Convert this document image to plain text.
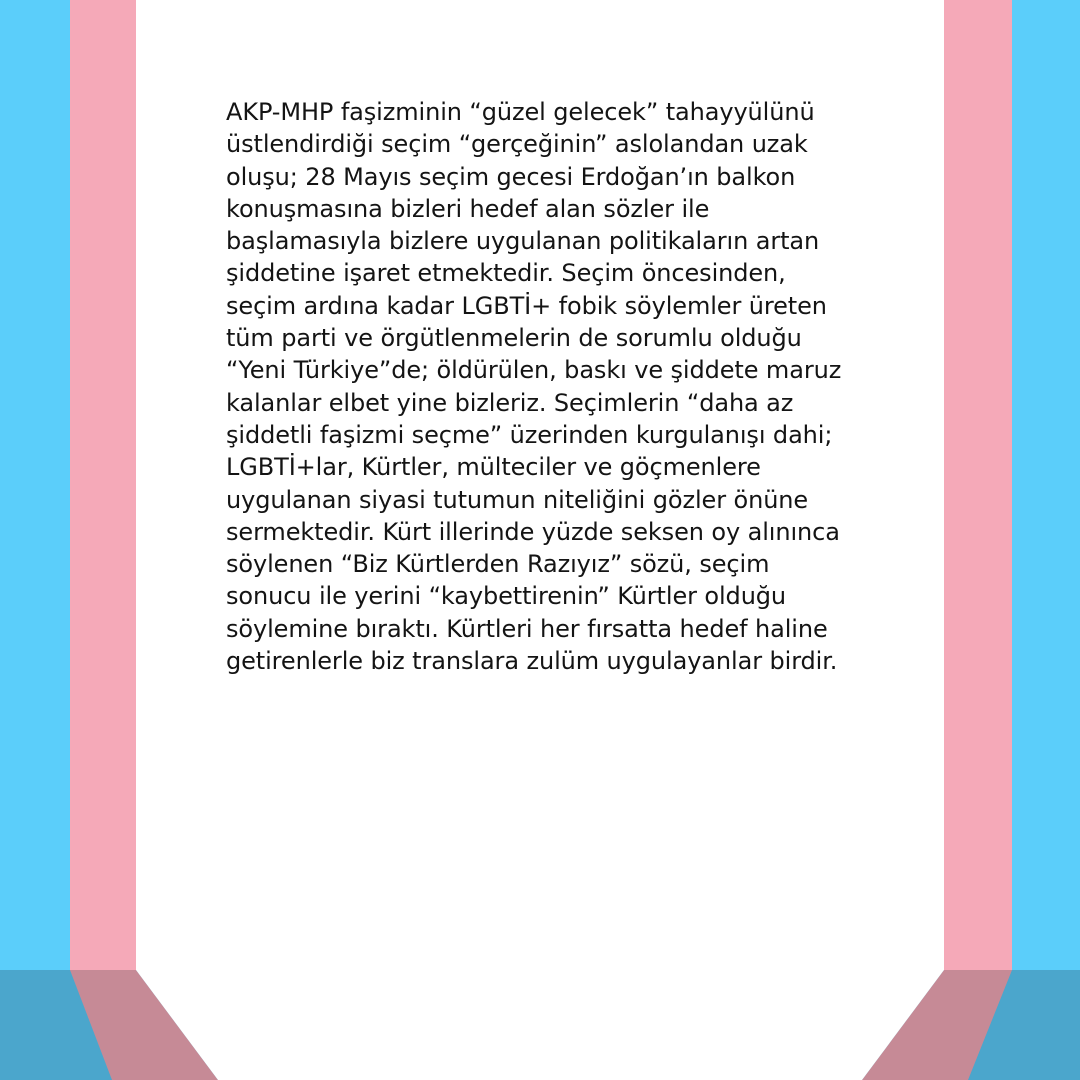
AKP-MHP faşizminin “güzel gelecek” tahayyülünü
üstlendirdiği seçim “gerçeğinin” aslolandan uzak
oluşu; 28 Mayıs seçim gecesi Erdoğan’ın balkon
konuşmasına bizleri hedef alan sözler ile
başlamasıyla bizlere uygulanan politikaların artan
şiddetine işaret etmektedir. Seçim öncesinden,
seçim ardına kadar LGBTİ+ fobik söylemler üreten
tüm parti ve örgütlenmelerin de sorumlu olduğu
“Yeni Türkiye”de; öldürülen, baskı ve şiddete maruz
kalanlar elbet yine bizleriz. Seçimlerin “daha az
şiddetli faşizmi seçme” üzerinden kurgulanışı dahi;
LGBTİ+lar, Kürtler, mülteciler ve göçmenlere
uygulanan siyasi tutumun niteliğini gözler önüne
sermektedir. Kürt illerinde yüzde seksen oy alınınca
söylenen “Biz Kürtlerden Razıyız” sözü, seçim
sonucu ile yerini “kaybettirenin” Kürtler olduğu
söylemine bıraktı. Kürtleri her fırsatta hedef haline
getirenlerle biz translara zulüm uygulayanlar birdir.
